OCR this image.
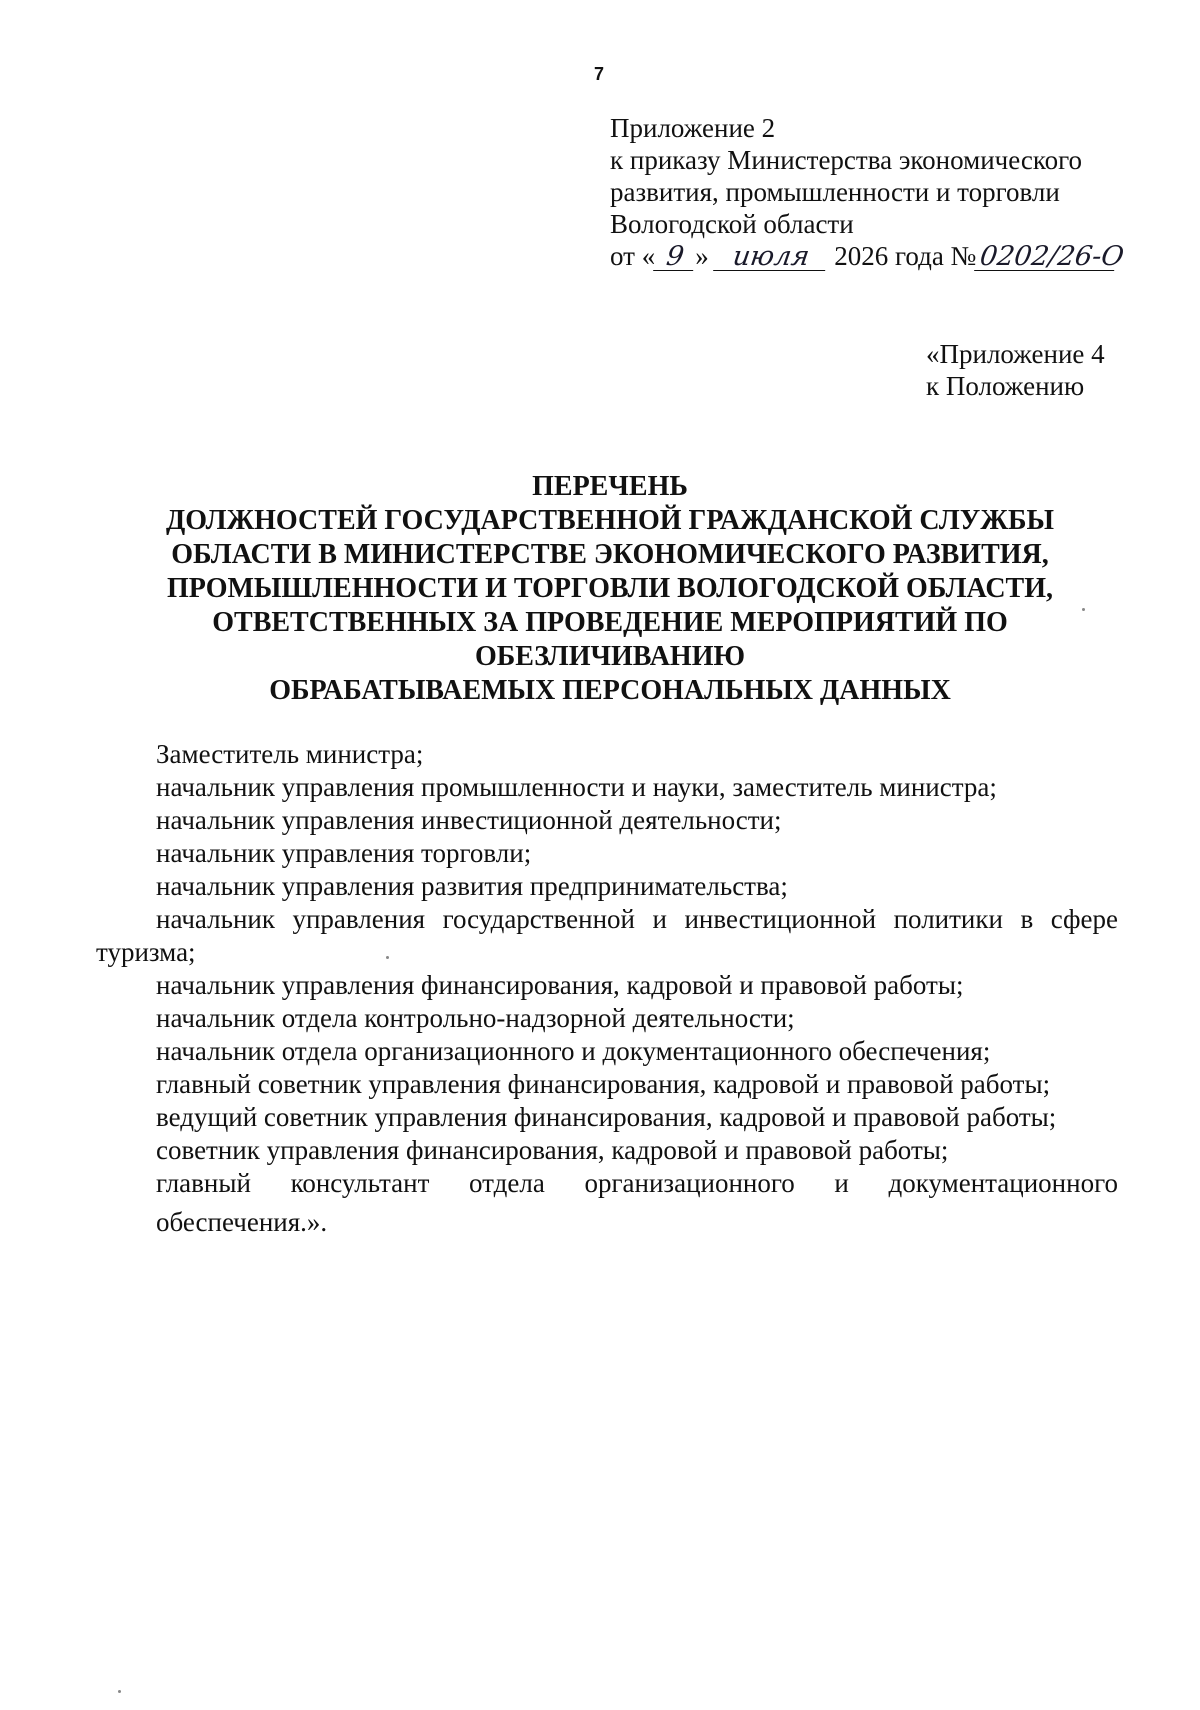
7
Приложение 2
к приказу Министерства экономического
развития, промышленности и торговли
Вологодской области
от « 9 » июля 2026 года №0202/26-О
«Приложение 4
к Положению
ПЕРЕЧЕНЬ
ДОЛЖНОСТЕЙ ГОСУДАРСТВЕННОЙ ГРАЖДАНСКОЙ СЛУЖБЫ
ОБЛАСТИ В МИНИСТЕРСТВЕ ЭКОНОМИЧЕСКОГО РАЗВИТИЯ,
ПРОМЫШЛЕННОСТИ И ТОРГОВЛИ ВОЛОГОДСКОЙ ОБЛАСТИ,
ОТВЕТСТВЕННЫХ ЗА ПРОВЕДЕНИЕ МЕРОПРИЯТИЙ ПО
ОБЕЗЛИЧИВАНИЮ
ОБРАБАТЫВАЕМЫХ ПЕРСОНАЛЬНЫХ ДАННЫХ
Заместитель министра;
начальник управления промышленности и науки, заместитель министра;
начальник управления инвестиционной деятельности;
начальник управления торговли;
начальник управления развития предпринимательства;
начальник управления государственной и инвестиционной политики в сфере туризма;
начальник управления финансирования, кадровой и правовой работы;
начальник отдела контрольно-надзорной деятельности;
начальник отдела организационного и документационного обеспечения;
главный советник управления финансирования, кадровой и правовой работы;
ведущий советник управления финансирования, кадровой и правовой работы;
советник управления финансирования, кадровой и правовой работы;
главный консультант отдела организационного и документационного
обеспечения.».
